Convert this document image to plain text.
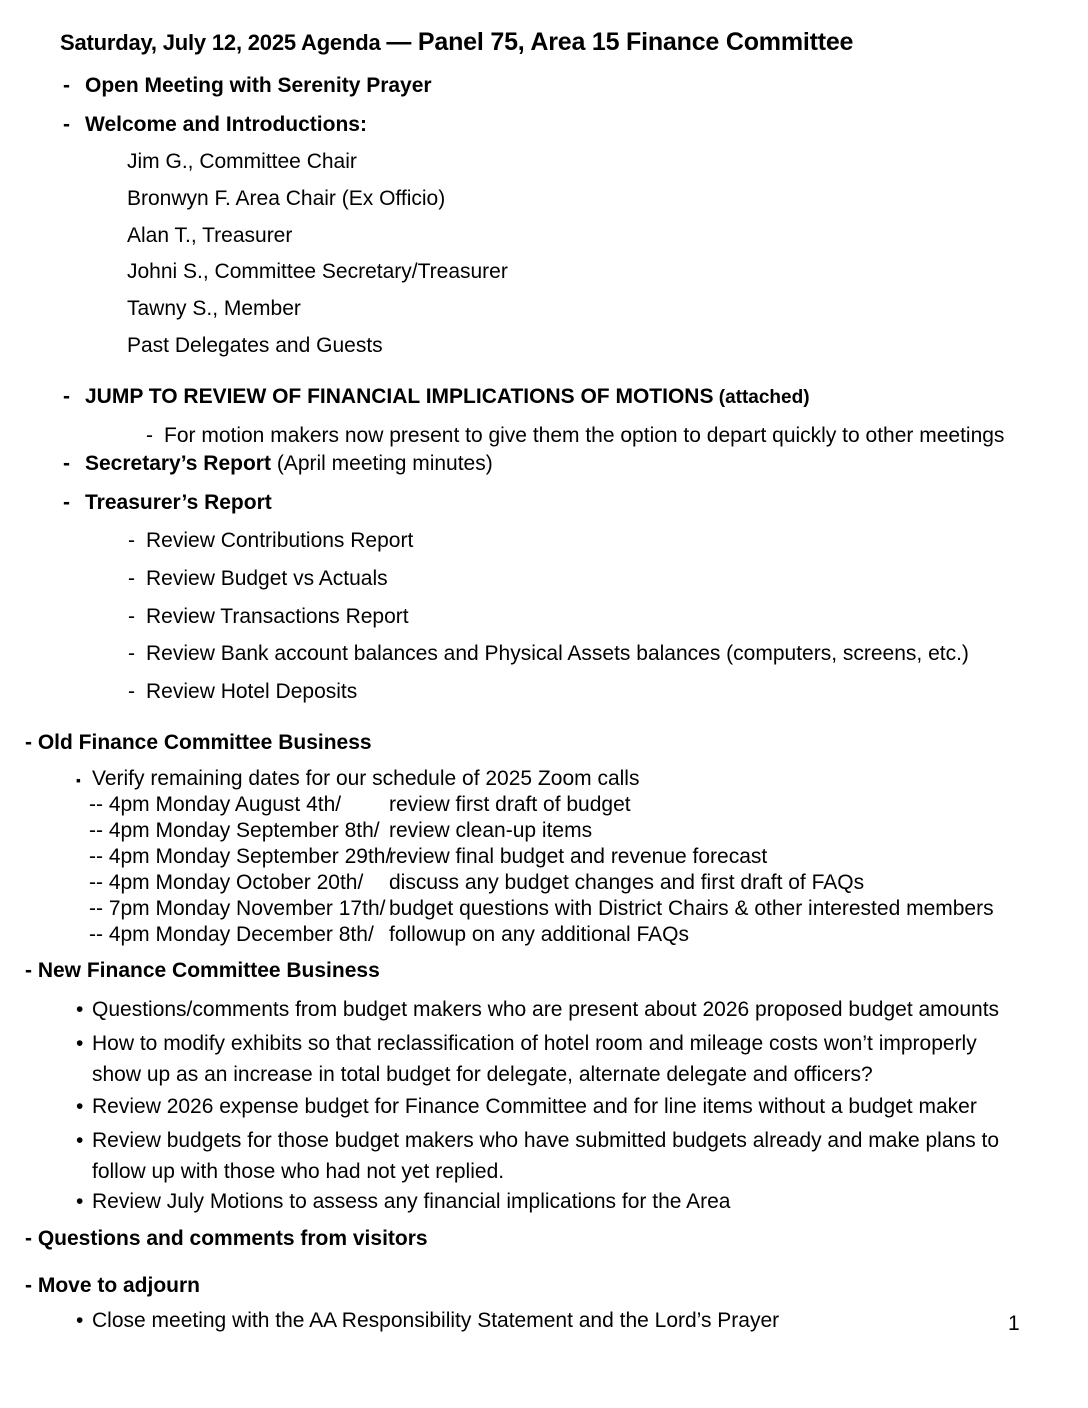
Saturday, July 12, 2025 Agenda — Panel 75, Area 15 Finance Committee
- Open Meeting with Serenity Prayer
- Welcome and Introductions:
Jim G., Committee Chair
Bronwyn F. Area Chair (Ex Officio)
Alan T., Treasurer
Johni S., Committee Secretary/Treasurer
Tawny S., Member
Past Delegates and Guests
- JUMP TO REVIEW OF FINANCIAL IMPLICATIONS OF MOTIONS (attached)
- For motion makers now present to give them the option to depart quickly to other meetings
- Secretary’s Report (April meeting minutes)
- Treasurer’s Report
- Review Contributions Report
- Review Budget vs Actuals
- Review Transactions Report
- Review Bank account balances and Physical Assets balances (computers, screens, etc.)
- Review Hotel Deposits
- Old Finance Committee Business
▪ Verify remaining dates for our schedule of 2025 Zoom calls
-- 4pm Monday August 4th/ review first draft of budget
-- 4pm Monday September 8th/ review clean-up items
-- 4pm Monday September 29th/review final budget and revenue forecast
-- 4pm Monday October 20th/ discuss any budget changes and first draft of FAQs
-- 7pm Monday November 17th/ budget questions with District Chairs & other interested members
-- 4pm Monday December 8th/ followup on any additional FAQs
- New Finance Committee Business
• Questions/comments from budget makers who are present about 2026 proposed budget amounts
• How to modify exhibits so that reclassification of hotel room and mileage costs won’t improperly show up as an increase in total budget for delegate, alternate delegate and officers?
• Review 2026 expense budget for Finance Committee and for line items without a budget maker
• Review budgets for those budget makers who have submitted budgets already and make plans to follow up with those who had not yet replied.
• Review July Motions to assess any financial implications for the Area
- Questions and comments from visitors
- Move to adjourn
• Close meeting with the AA Responsibility Statement and the Lord’s Prayer	1
